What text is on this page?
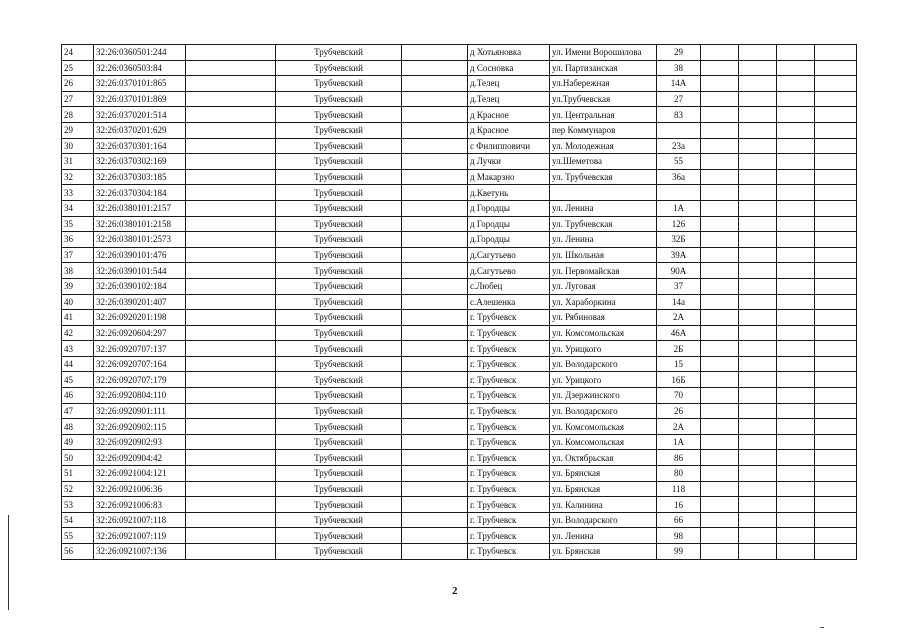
24	32:26:0360501:244		Трубчевский		д Хотьяновка	ул. Имени Ворошилова	29				
25	32:26:0360503:84		Трубчевский		д Сосновка	ул. Партизанская	38				
26	32:26:0370101:865		Трубчевский		д.Телец	ул.Набережная	14А				
27	32:26:0370101:869		Трубчевский		д.Телец	ул.Трубчевская	27				
28	32:26:0370201:514		Трубчевский		д Красное	ул. Центральная	83				
29	32:26:0370201:629		Трубчевский		д Красное	пер Коммунаров					
30	32:26:0370301:164		Трубчевский		с Филипповичи	ул. Молодежная	23а				
31	32:26:0370302:169		Трубчевский		д Лучки	ул.Шеметова	55				
32	32:26:0370303:185		Трубчевский		д Макарзно	ул. Трубчевская	36а				
33	32:26:0370304:184		Трубчевский		д.Кветунь						
34	32:26:0380101:2157		Трубчевский		д Городцы	ул. Ленина	1А				
35	32:26:0380101:2158		Трубчевский		д Городцы	ул. Трубчевская	126				
36	32:26:0380101:2573		Трубчевский		д.Городцы	ул. Ленина	32Б				
37	32:26:0390101:476		Трубчевский		д.Сагутьево	ул. Школьная	39А				
38	32:26:0390101:544		Трубчевский		д.Сагутьево	ул. Первомайская	90А				
39	32:26:0390102:184		Трубчевский		с.Любец	ул. Луговая	37				
40	32:26:0390201:407		Трубчевский		с.Алешенка	ул. Хараборкина	14а				
41	32:26:0920201:198		Трубчевский		г. Трубчевск	ул. Рябиновая	2А				
42	32:26:0920604:297		Трубчевский		г. Трубчевск	ул. Комсомольская	46А				
43	32:26:0920707:137		Трубчевский		г. Трубчевск	ул. Урицкого	2Б				
44	32:26:0920707:164		Трубчевский		г. Трубчевск	ул. Володарского	15				
45	32:26:0920707:179		Трубчевский		г. Трубчевск	ул. Урицкого	16Б				
46	32:26:0920804:110		Трубчевский		г. Трубчевск	ул. Дзержинского	70				
47	32:26:0920901:111		Трубчевский		г. Трубчевск	ул. Володарского	26				
48	32:26:0920902:115		Трубчевский		г. Трубчевск	ул. Комсомольская	2А				
49	32:26:0920902:93		Трубчевский		г. Трубчевск	ул. Комсомольская	1А				
50	32:26:0920904:42		Трубчевский		г. Трубчевск	ул. Октябрьская	86				
51	32:26:0921004:121		Трубчевский		г. Трубчевск	ул. Брянская	80				
52	32:26:0921006:36		Трубчевский		г. Трубчевск	ул. Брянская	118				
53	32:26:0921006:83		Трубчевский		г. Трубчевск	ул. Калинина	16				
54	32:26:0921007:118		Трубчевский		г. Трубчевск	ул. Володарского	66				
55	32:26:0921007:119		Трубчевский		г. Трубчевск	ул. Ленина	98				
56	32:26:0921007:136		Трубчевский		г. Трубчевск	ул. Брянская	99				
2
